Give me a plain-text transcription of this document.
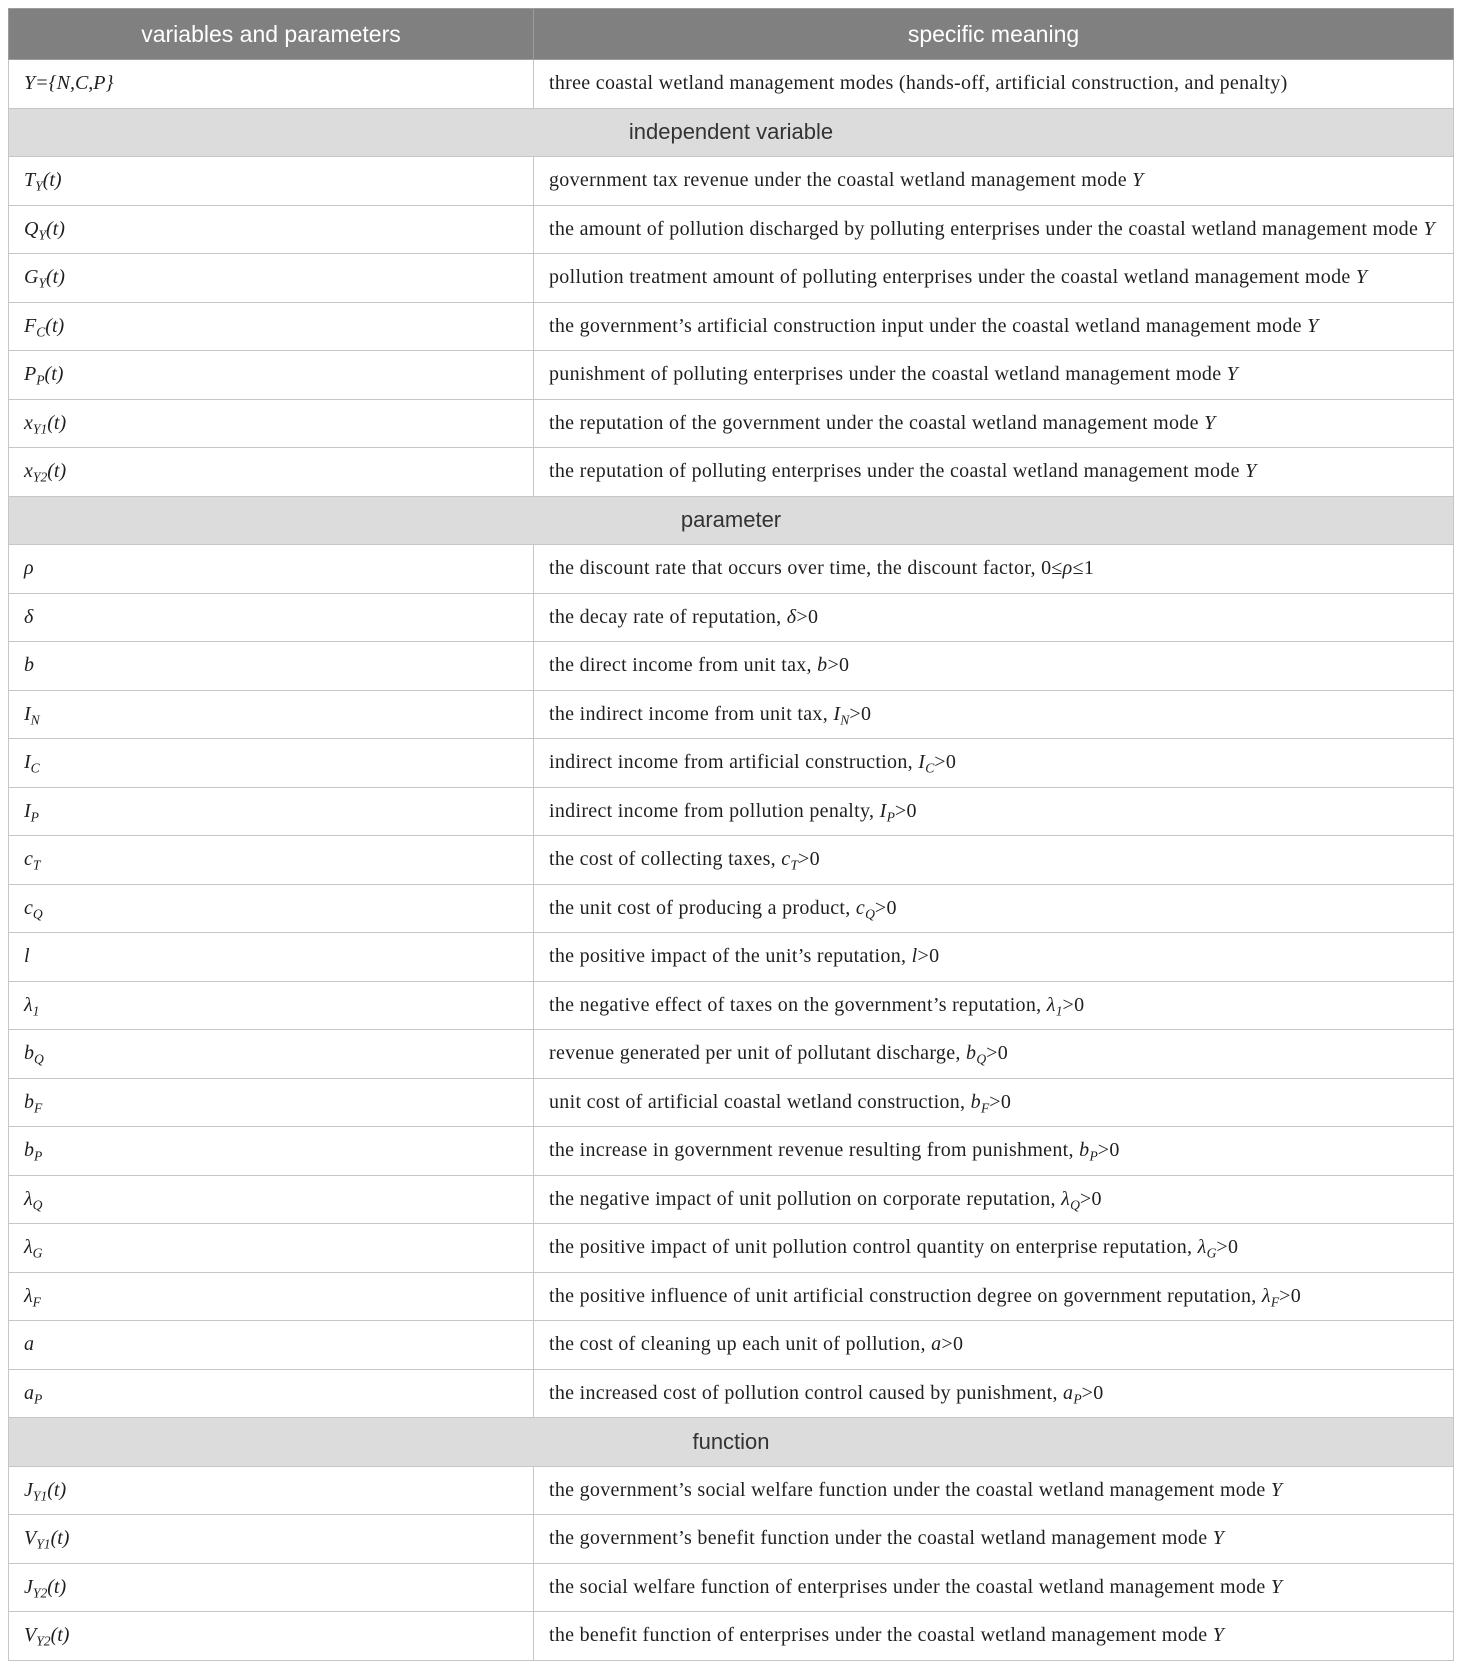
variables and parameters	specific meaning
Y={N,C,P}	three coastal wetland management modes (hands-off, artificial construction, and penalty)
independent variable	
$T_Y(t)$	government tax revenue under the coastal wetland management mode Y
$Q_Y(t)$	the amount of pollution discharged by polluting enterprises under the coastal wetland management mode Y
$G_Y(t)$	pollution treatment amount of polluting enterprises under the coastal wetland management mode Y
$F_C(t)$	the government’s artificial construction input under the coastal wetland management mode Y
$P_P(t)$	punishment of polluting enterprises under the coastal wetland management mode Y
$x_{Y1}(t)$	the reputation of the government under the coastal wetland management mode Y
$x_{Y2}(t)$	the reputation of polluting enterprises under the coastal wetland management mode Y
parameter	
ρ	the discount rate that occurs over time, the discount factor, 0≤ρ≤1
δ	the decay rate of reputation, δ>0
b	the direct income from unit tax, b>0
$I_N$	the indirect income from unit tax, $I_N>0$
$I_C$	indirect income from artificial construction, $I_C>0$
$I_P$	indirect income from pollution penalty, $I_P>0$
$c_T$	the cost of collecting taxes, $c_T>0$
$c_Q$	the unit cost of producing a product, $c_Q>0$
l	the positive impact of the unit’s reputation, l>0
$\lambda_1$	the negative effect of taxes on the government’s reputation, $\lambda_1>0$
$b_Q$	revenue generated per unit of pollutant discharge, $b_Q>0$
$b_F$	unit cost of artificial coastal wetland construction, $b_F>0$
$b_P$	the increase in government revenue resulting from punishment, $b_P>0$
$\lambda_Q$	the negative impact of unit pollution on corporate reputation, $\lambda_Q>0$
$\lambda_G$	the positive impact of unit pollution control quantity on enterprise reputation, $\lambda_G>0$
$\lambda_F$	the positive influence of unit artificial construction degree on government reputation, $\lambda_F>0$
a	the cost of cleaning up each unit of pollution, a>0
$a_P$	the increased cost of pollution control caused by punishment, $a_P>0$
function	
$J_{Y1}(t)$	the government’s social welfare function under the coastal wetland management mode Y
$V_{Y1}(t)$	the government’s benefit function under the coastal wetland management mode Y
$J_{Y2}(t)$	the social welfare function of enterprises under the coastal wetland management mode Y
$V_{Y2}(t)$	the benefit function of enterprises under the coastal wetland management mode Y
